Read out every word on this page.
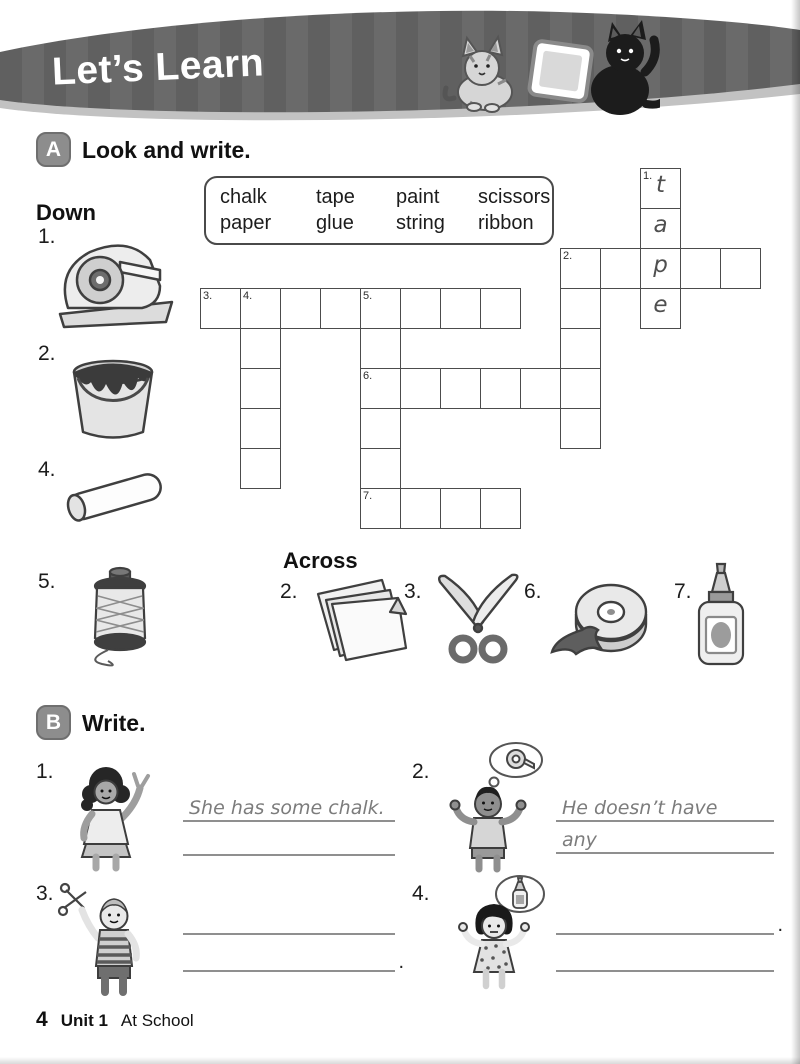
Let’s Learn
A Look and write.
chalk	tape	paint	scissors
paper	glue	string	ribbon
Down
1.
2.
4.
5.
1. t
a
p
e
2.
3.	4.	5.
6.
7.
Across
2.	3.	6.	7.
B Write.
1.
She has some chalk.
2.
He doesn’t have
any
3.
.
4.
.
4 Unit 1 At School
